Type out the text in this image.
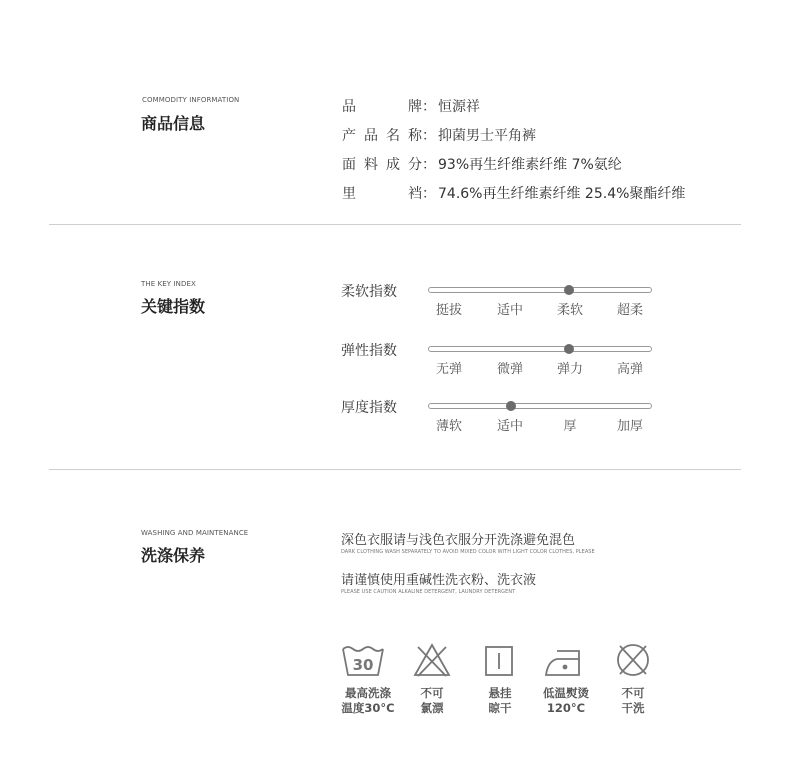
COMMODITY INFORMATION
商品信息
品牌 ： 恒源祥
产品名称 ： 抑菌男士平角裤
面料成分 ： 93%再生纤维素纤维 7%氨纶
里裆 ： 74.6%再生纤维素纤维 25.4%聚酯纤维
THE KEY INDEX
关键指数
柔软指数
挺拔	适中	柔软	超柔
弹性指数
无弹	微弹	弹力	高弹
厚度指数
薄软	适中	厚	加厚
WASHING AND MAINTENANCE
洗涤保养
深色衣服请与浅色衣服分开洗涤避免混色
DARK CLOTHING WASH SEPARATELY TO AVOID MIXED COLOR WITH LIGHT COLOR CLOTHES, PLEASE
请谨慎使用重碱性洗衣粉、洗衣液
PLEASE USE CAUTION ALKALINE DETERGENT, LAUNDRY DETERGENT
30
最高洗涤
温度30°C
不可
氯漂
悬挂
晾干
低温熨烫
120°C
不可
干洗
